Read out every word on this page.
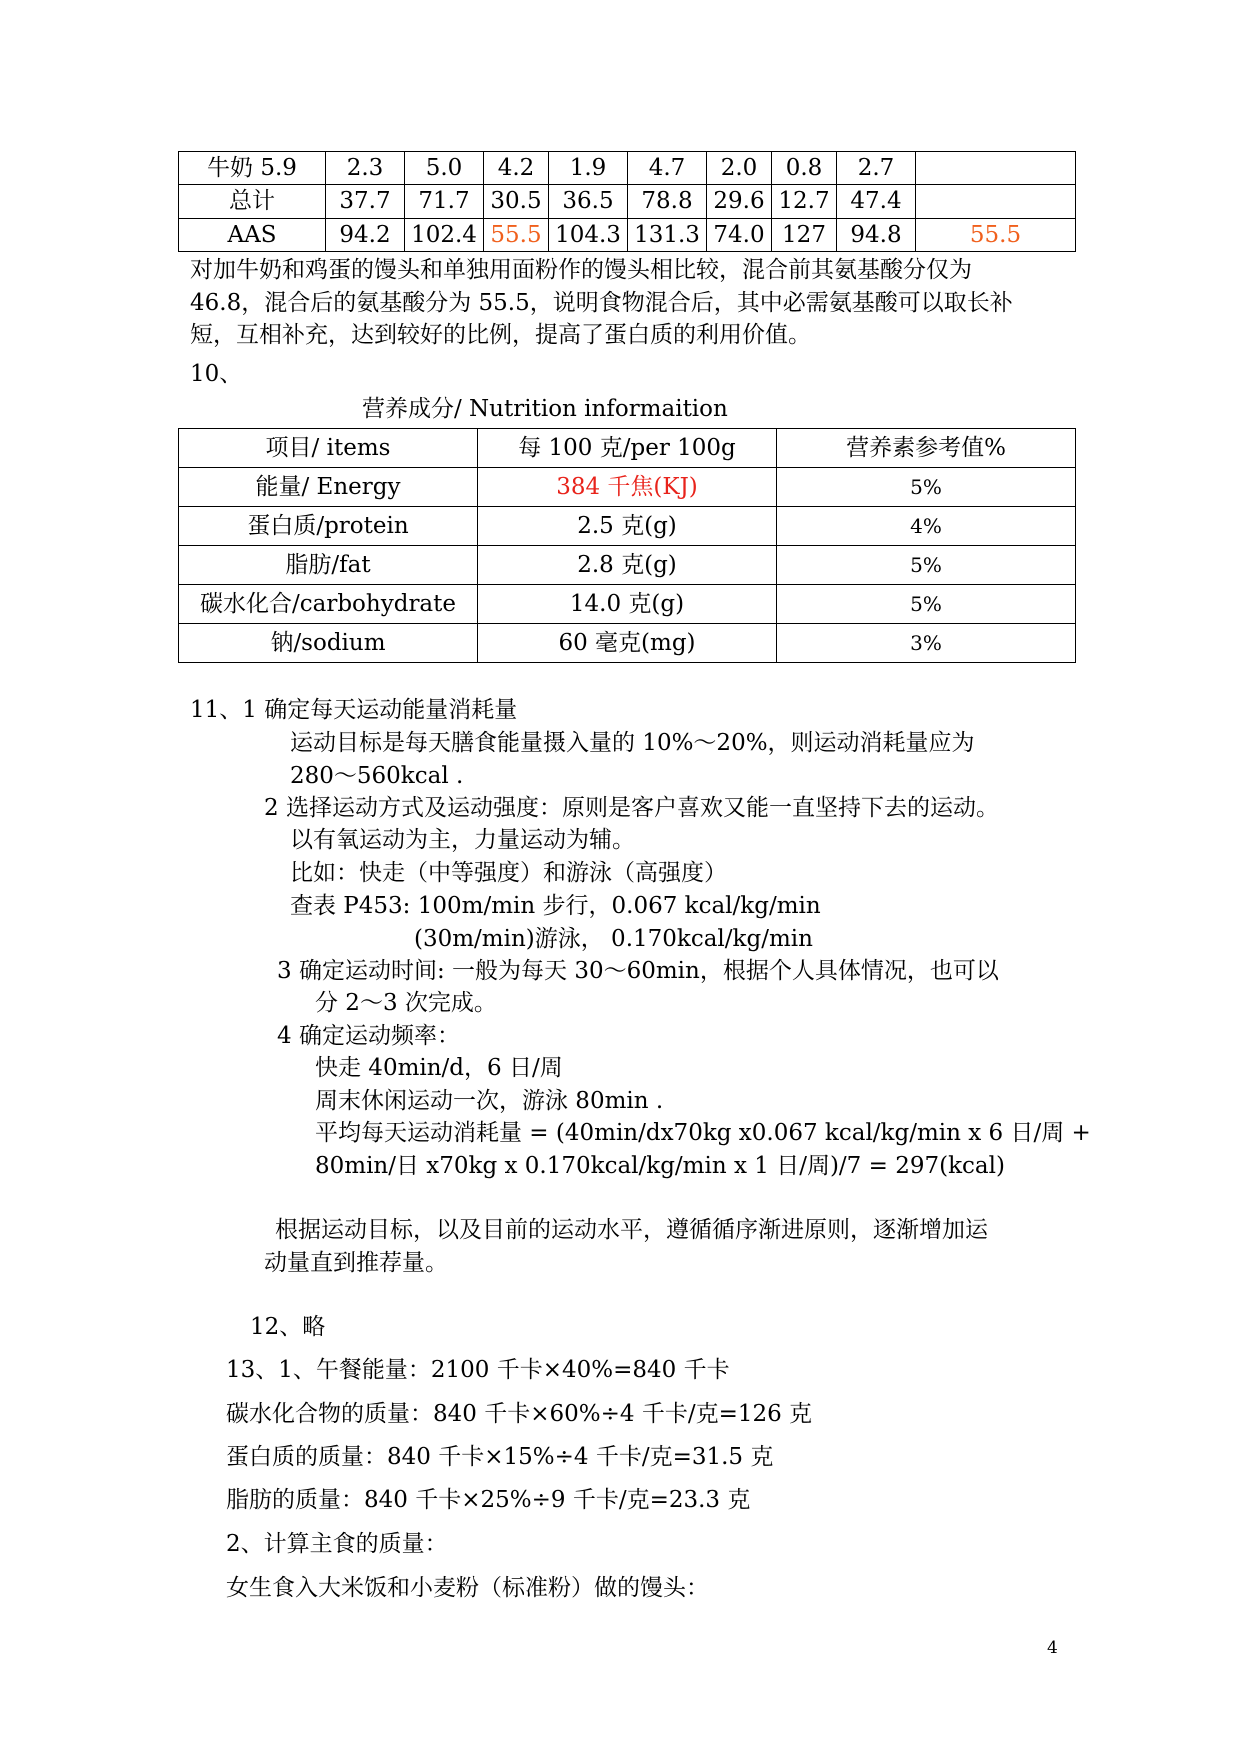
牛奶 5.9	2.3	5.0	4.2	1.9	4.7	2.0	0.8	2.7	
总计	37.7	71.7	30.5	36.5	78.8	29.6	12.7	47.4	
AAS	94.2	102.4	55.5	104.3	131.3	74.0	127	94.8	55.5
对加牛奶和鸡蛋的馒头和单独用面粉作的馒头相比较，混合前其氨基酸分仅为
46.8，混合后的氨基酸分为 55.5，说明食物混合后，其中必需氨基酸可以取长补
短，互相补充，达到较好的比例，提高了蛋白质的利用价值。
10、
营养成分/ Nutrition informaition
项目/ items	每 100 克/per 100g	营养素参考值%
能量/ Energy	384 千焦(KJ)	5%
蛋白质/protein	2.5 克(g)	4%
脂肪/fat	2.8 克(g)	5%
碳水化合/carbohydrate	14.0 克(g)	5%
钠/sodium	60 毫克(mg)	3%
11、1 确定每天运动能量消耗量
运动目标是每天膳食能量摄入量的 10%～20%，则运动消耗量应为
280～560kcal .
2 选择运动方式及运动强度：原则是客户喜欢又能一直坚持下去的运动。
以有氧运动为主，力量运动为辅。
比如：快走（中等强度）和游泳（高强度）
查表 P453: 100m/min 步行，0.067 kcal/kg/min
(30m/min)游泳， 0.170kcal/kg/min
3 确定运动时间: 一般为每天 30～60min，根据个人具体情况，也可以
分 2～3 次完成。
4 确定运动频率：
快走 40min/d，6 日/周
周末休闲运动一次，游泳 80min .
平均每天运动消耗量 = (40min/dx70kg x0.067 kcal/kg/min x 6 日/周 +
80min/日 x70kg x 0.170kcal/kg/min x 1 日/周)/7 = 297(kcal)
根据运动目标，以及目前的运动水平，遵循循序渐进原则，逐渐增加运
动量直到推荐量。
12、略
13、1、午餐能量：2100 千卡×40%=840 千卡
碳水化合物的质量：840 千卡×60%÷4 千卡/克=126 克
蛋白质的质量：840 千卡×15%÷4 千卡/克=31.5 克
脂肪的质量：840 千卡×25%÷9 千卡/克=23.3 克
2、计算主食的质量：
女生食入大米饭和小麦粉（标准粉）做的馒头：
4
